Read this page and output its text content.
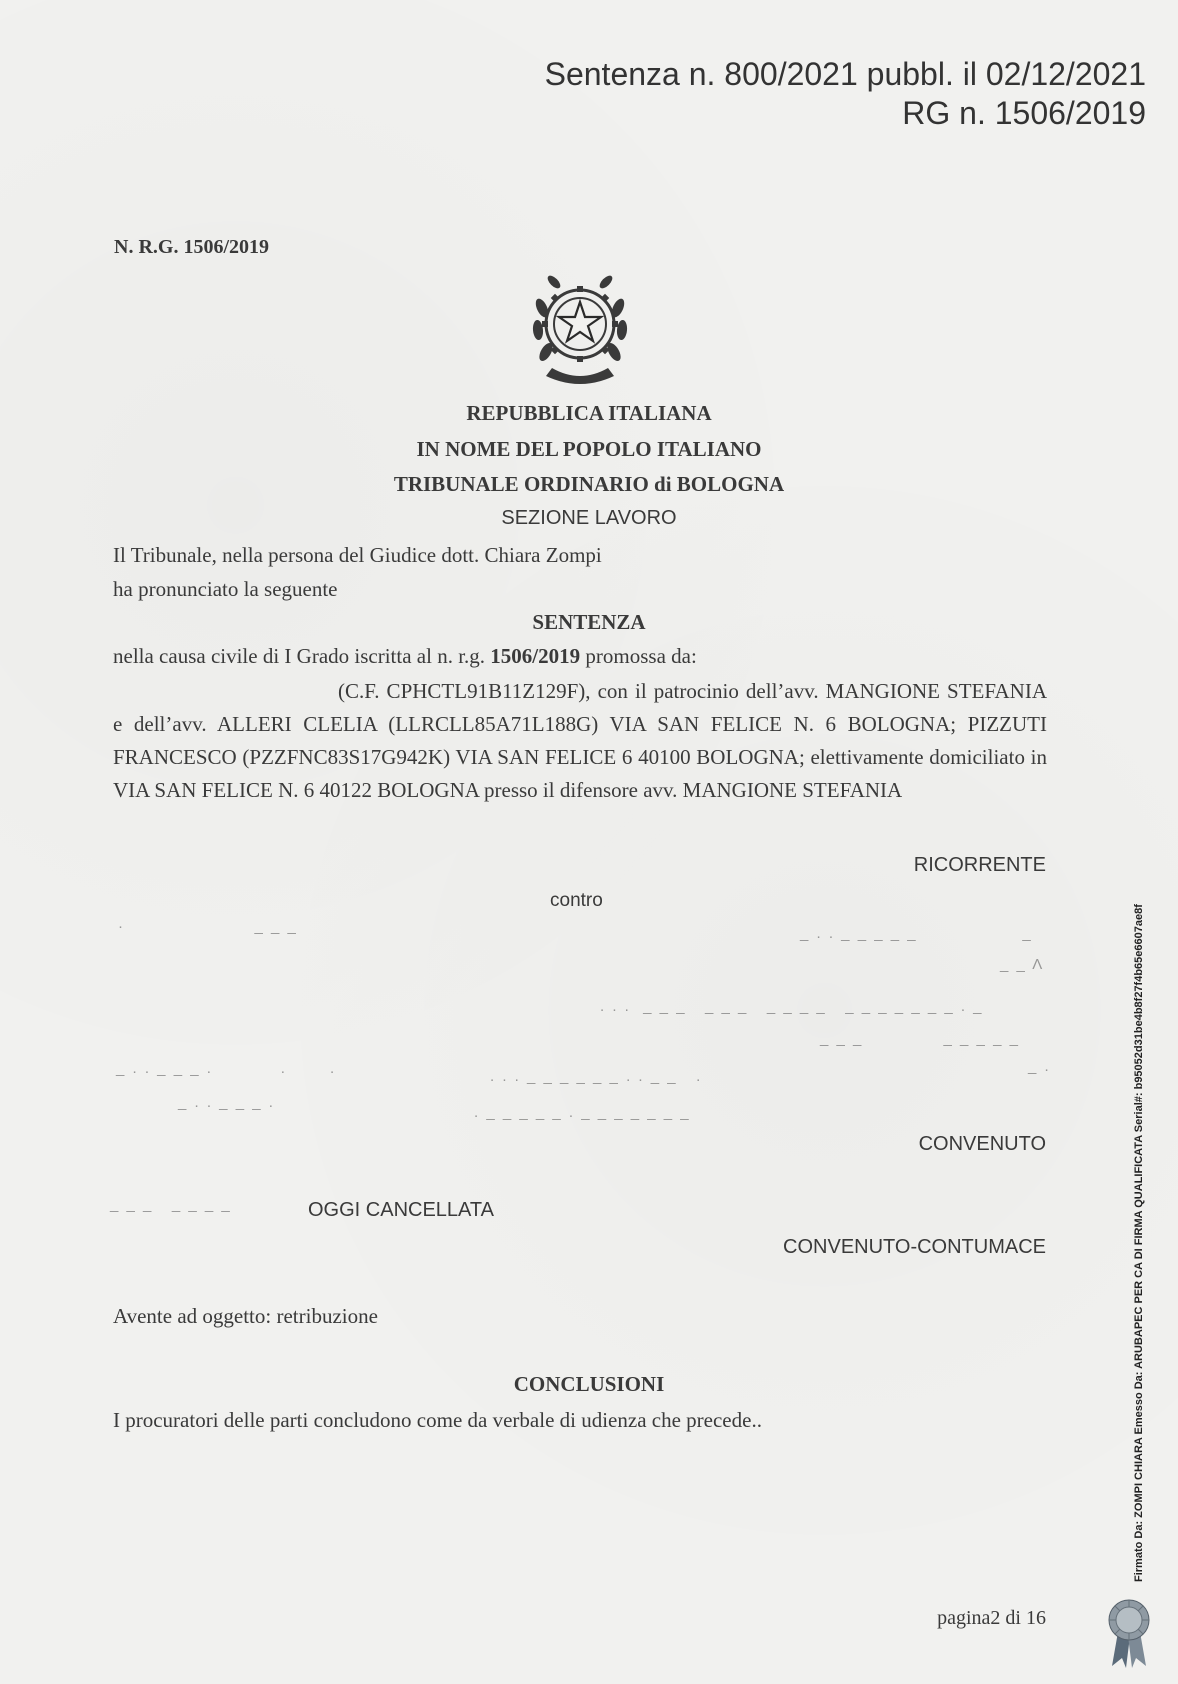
Sentenza n. 800/2021 pubbl. il 02/12/2021
RG n. 1506/2019
N. R.G. 1506/2019
REPUBBLICA ITALIANA
IN NOME DEL POPOLO ITALIANO
TRIBUNALE ORDINARIO di BOLOGNA
SEZIONE LAVORO
Il Tribunale, nella persona del Giudice dott. Chiara Zompi
ha pronunciato la seguente
SENTENZA
nella causa civile di I Grado iscritta al n. r.g. 1506/2019 promossa da:
(C.F. CPHCTL91B11Z129F), con il patrocinio dell’avv. MANGIONE STEFANIA e dell’avv. ALLERI CLELIA (LLRCLL85A71L188G) VIA SAN FELICE N. 6 BOLOGNA; PIZZUTI FRANCESCO (PZZFNC83S17G942K) VIA SAN FELICE 6 40100 BOLOGNA; elettivamente domiciliato in VIA SAN FELICE N. 6 40122 BOLOGNA presso il difensore avv. MANGIONE STEFANIA
RICORRENTE
contro
·                     _ _ _	_ . . _ _ _ _ _                 _
_ _ Λ
. . .  _ _ _   _ _ _   _ _ _ _   _ _ _ _ _ _ _ . _
_ _ _             _ _ _ _ _
_ . . _ _ _ .           .       .	. . . _ _ _ _ _ _ . . _ _   .
_ .
_ . . _ _ _ .
. _ _ _ _ _ . _ _ _ _ _ _ _
CONVENUTO
_ _ _   _ _ _ _	OGGI CANCELLATA
CONVENUTO-CONTUMACE
Avente ad oggetto: retribuzione
CONCLUSIONI
I procuratori delle parti concludono come da verbale di udienza che precede..
pagina2 di 16
Firmato Da: ZOMPI CHIARA Emesso Da: ARUBAPEC PER CA DI FIRMA QUALIFICATA Serial#: b95052d31be4b8f27f4b65e6607ae8f
